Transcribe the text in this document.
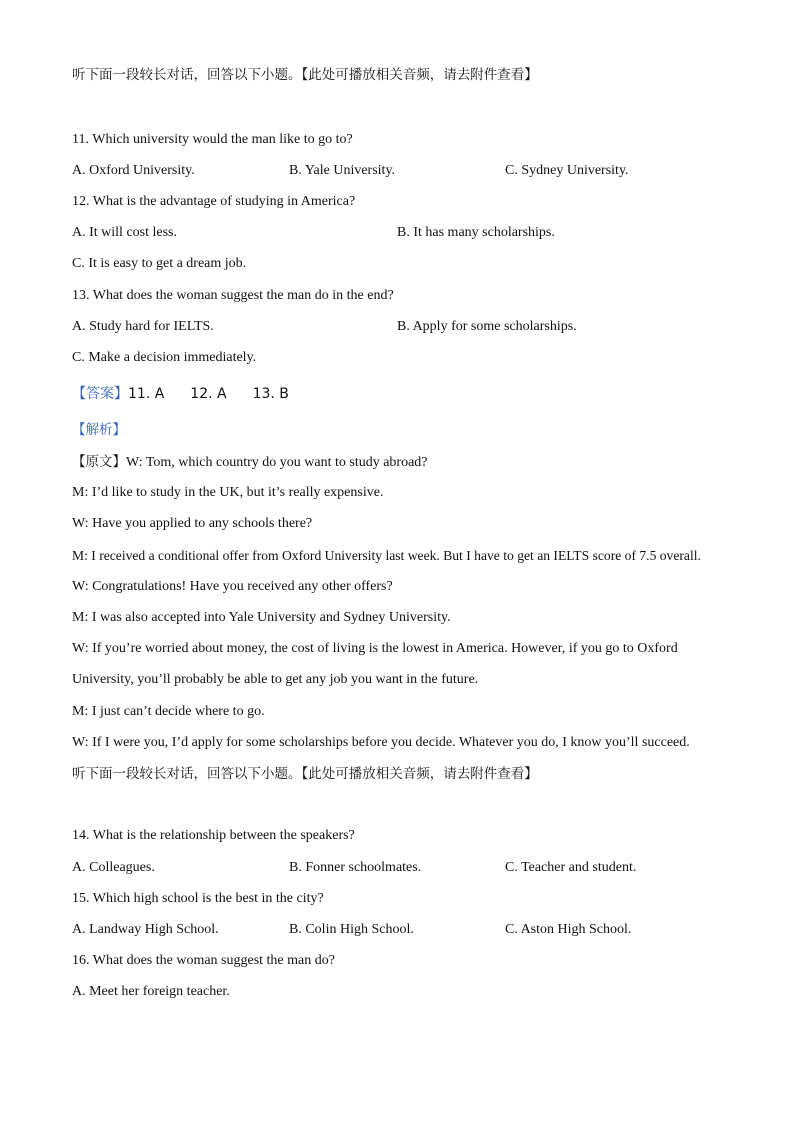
听下面一段较长对话，回答以下小题。【此处可播放相关音频，请去附件查看】
11. Which university would the man like to go to?
A. Oxford University.	B. Yale University.	C. Sydney University.
12. What is the advantage of studying in America?
A. It will cost less.	B. It has many scholarships.
C. It is easy to get a dream job.
13. What does the woman suggest the man do in the end?
A. Study hard for IELTS.	B. Apply for some scholarships.
C. Make a decision immediately.
【答案】11. A 12. A 13. B
【解析】
【原文】W: Tom, which country do you want to study abroad?
M: I’d like to study in the UK, but it’s really expensive.
W: Have you applied to any schools there?
M: I received a conditional offer from Oxford University last week. But I have to get an IELTS score of 7.5 overall.
W: Congratulations! Have you received any other offers?
M: I was also accepted into Yale University and Sydney University.
W: If you’re worried about money, the cost of living is the lowest in America. However, if you go to Oxford
University, you’ll probably be able to get any job you want in the future.
M: I just can’t decide where to go.
W: If I were you, I’d apply for some scholarships before you decide. Whatever you do, I know you’ll succeed.
听下面一段较长对话，回答以下小题。【此处可播放相关音频，请去附件查看】
14. What is the relationship between the speakers?
A. Colleagues.	B. Fonner schoolmates.	C. Teacher and student.
15. Which high school is the best in the city?
A. Landway High School.	B. Colin High School.	C. Aston High School.
16. What does the woman suggest the man do?
A. Meet her foreign teacher.
